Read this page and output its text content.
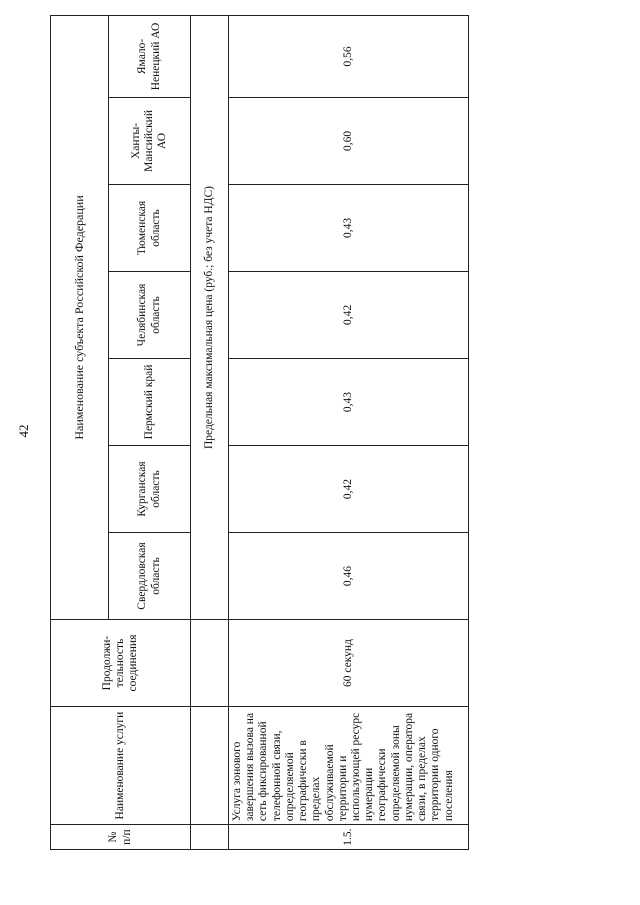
42
№ п/п	Наименование услуги	Продолжи-тельность соединения	Наименование субъекта Российской Федерации						
			Свердловская область	Курганская область	Пермский край	Челябинская область	Тюменская область	Ханты-Мансийский АО	Ямало-Ненецкий АО
			Предельная максимальная цена (руб.; без учета НДС)						
1.5.	Услуга зонового завершения вызова на сеть фиксированной телефонной связи, определяемой географически в пределах обслуживаемой территории и использующей ресурс нумерации географически определяемой зоны нумерации, оператора связи, в пределах территории одного поселения	60 секунд	0,46	0,42	0,43	0,42	0,43	0,60	0,56
